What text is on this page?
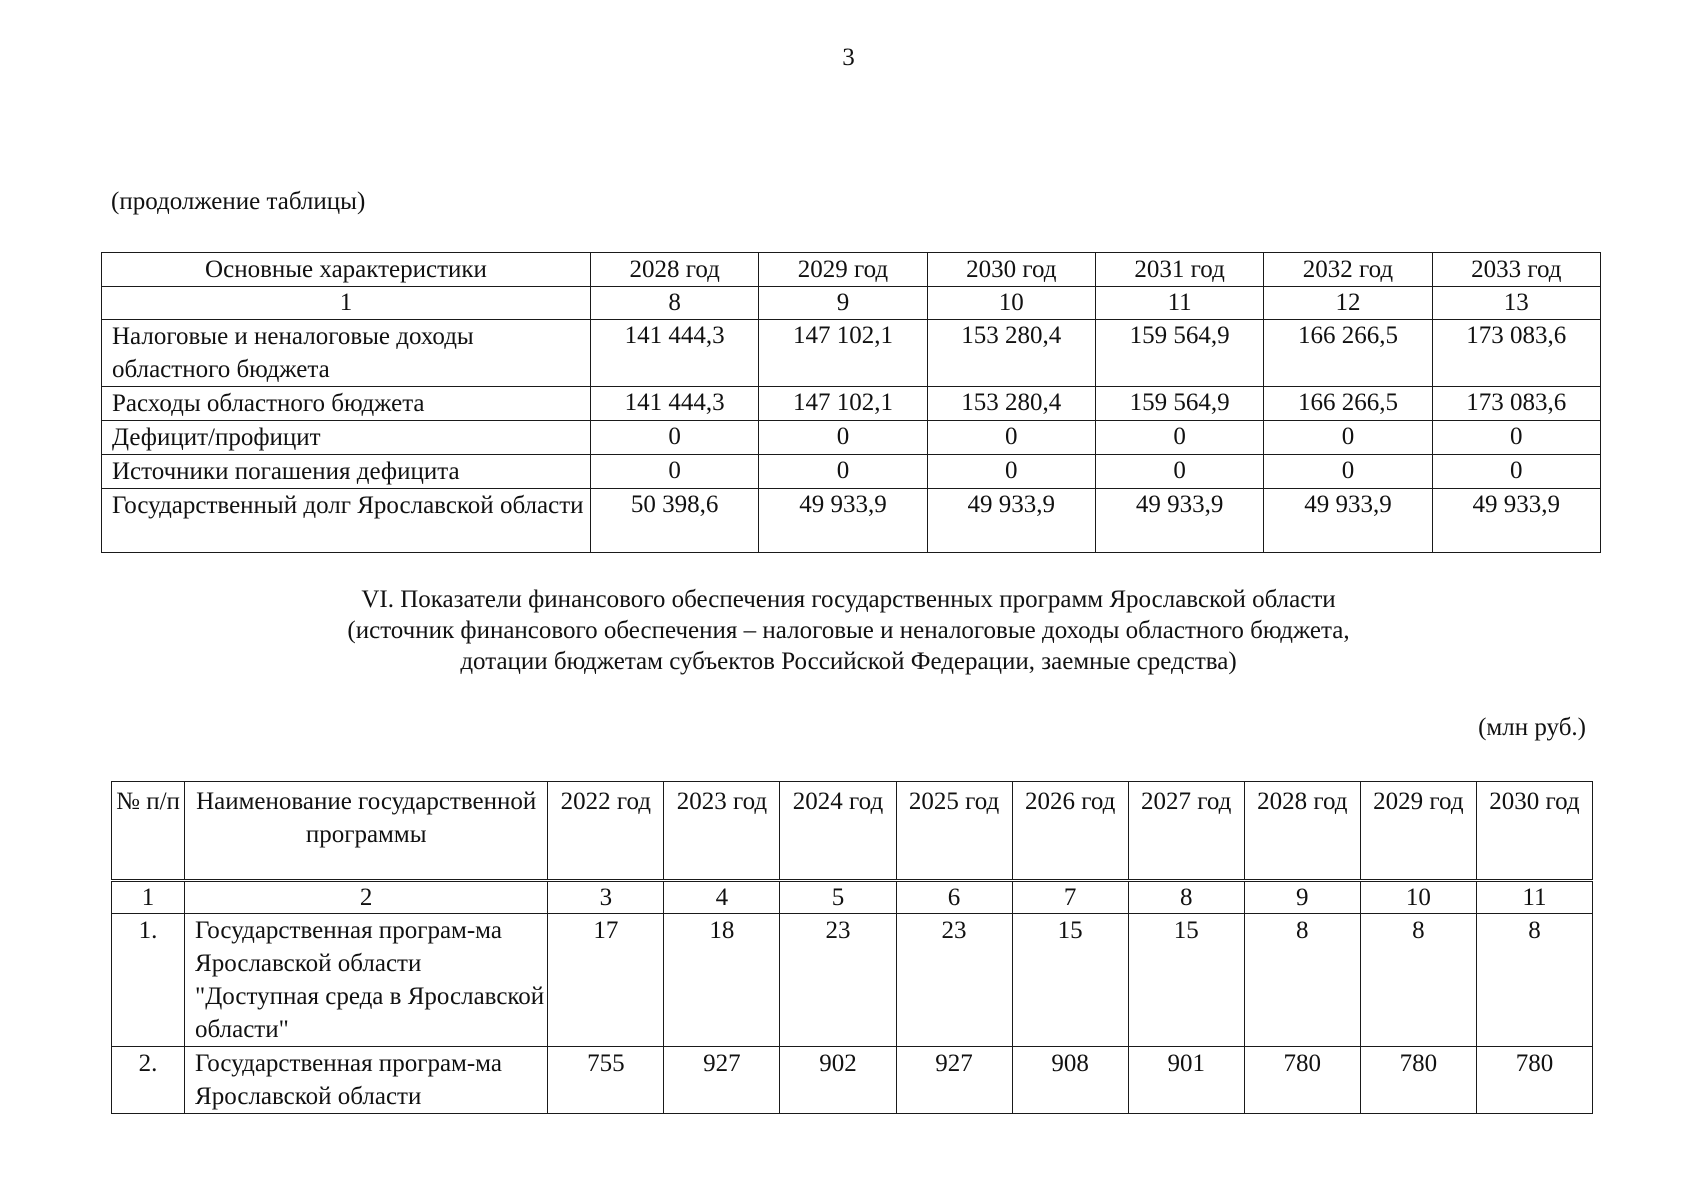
3
(продолжение таблицы)
Основные характеристики	2028 год	2029 год	2030 год	2031 год	2032 год	2033 год
1	8	9	10	11	12	13
Налоговые и неналоговые доходы областного бюджета	141 444,3	147 102,1	153 280,4	159 564,9	166 266,5	173 083,6
Расходы областного бюджета	141 444,3	147 102,1	153 280,4	159 564,9	166 266,5	173 083,6
Дефицит/профицит	0	0	0	0	0	0
Источники погашения дефицита	0	0	0	0	0	0
Государственный долг Ярославской области	50 398,6	49 933,9	49 933,9	49 933,9	49 933,9	49 933,9
VI. Показатели финансового обеспечения государственных программ Ярославской области
(источник финансового обеспечения – налоговые и неналоговые доходы областного бюджета,
дотации бюджетам субъектов Российской Федерации, заемные средства)
(млн руб.)
№ п/п	Наименование государственной программы	2022 год	2023 год	2024 год	2025 год	2026 год	2027 год	2028 год	2029 год	2030 год
1	2	3	4	5	6	7	8	9	10	11
1.	Государственная програм-ма Ярославской области "Доступная среда в Ярославской области"	17	18	23	23	15	15	8	8	8
2.	Государственная програм-ма Ярославской области	755	927	902	927	908	901	780	780	780
